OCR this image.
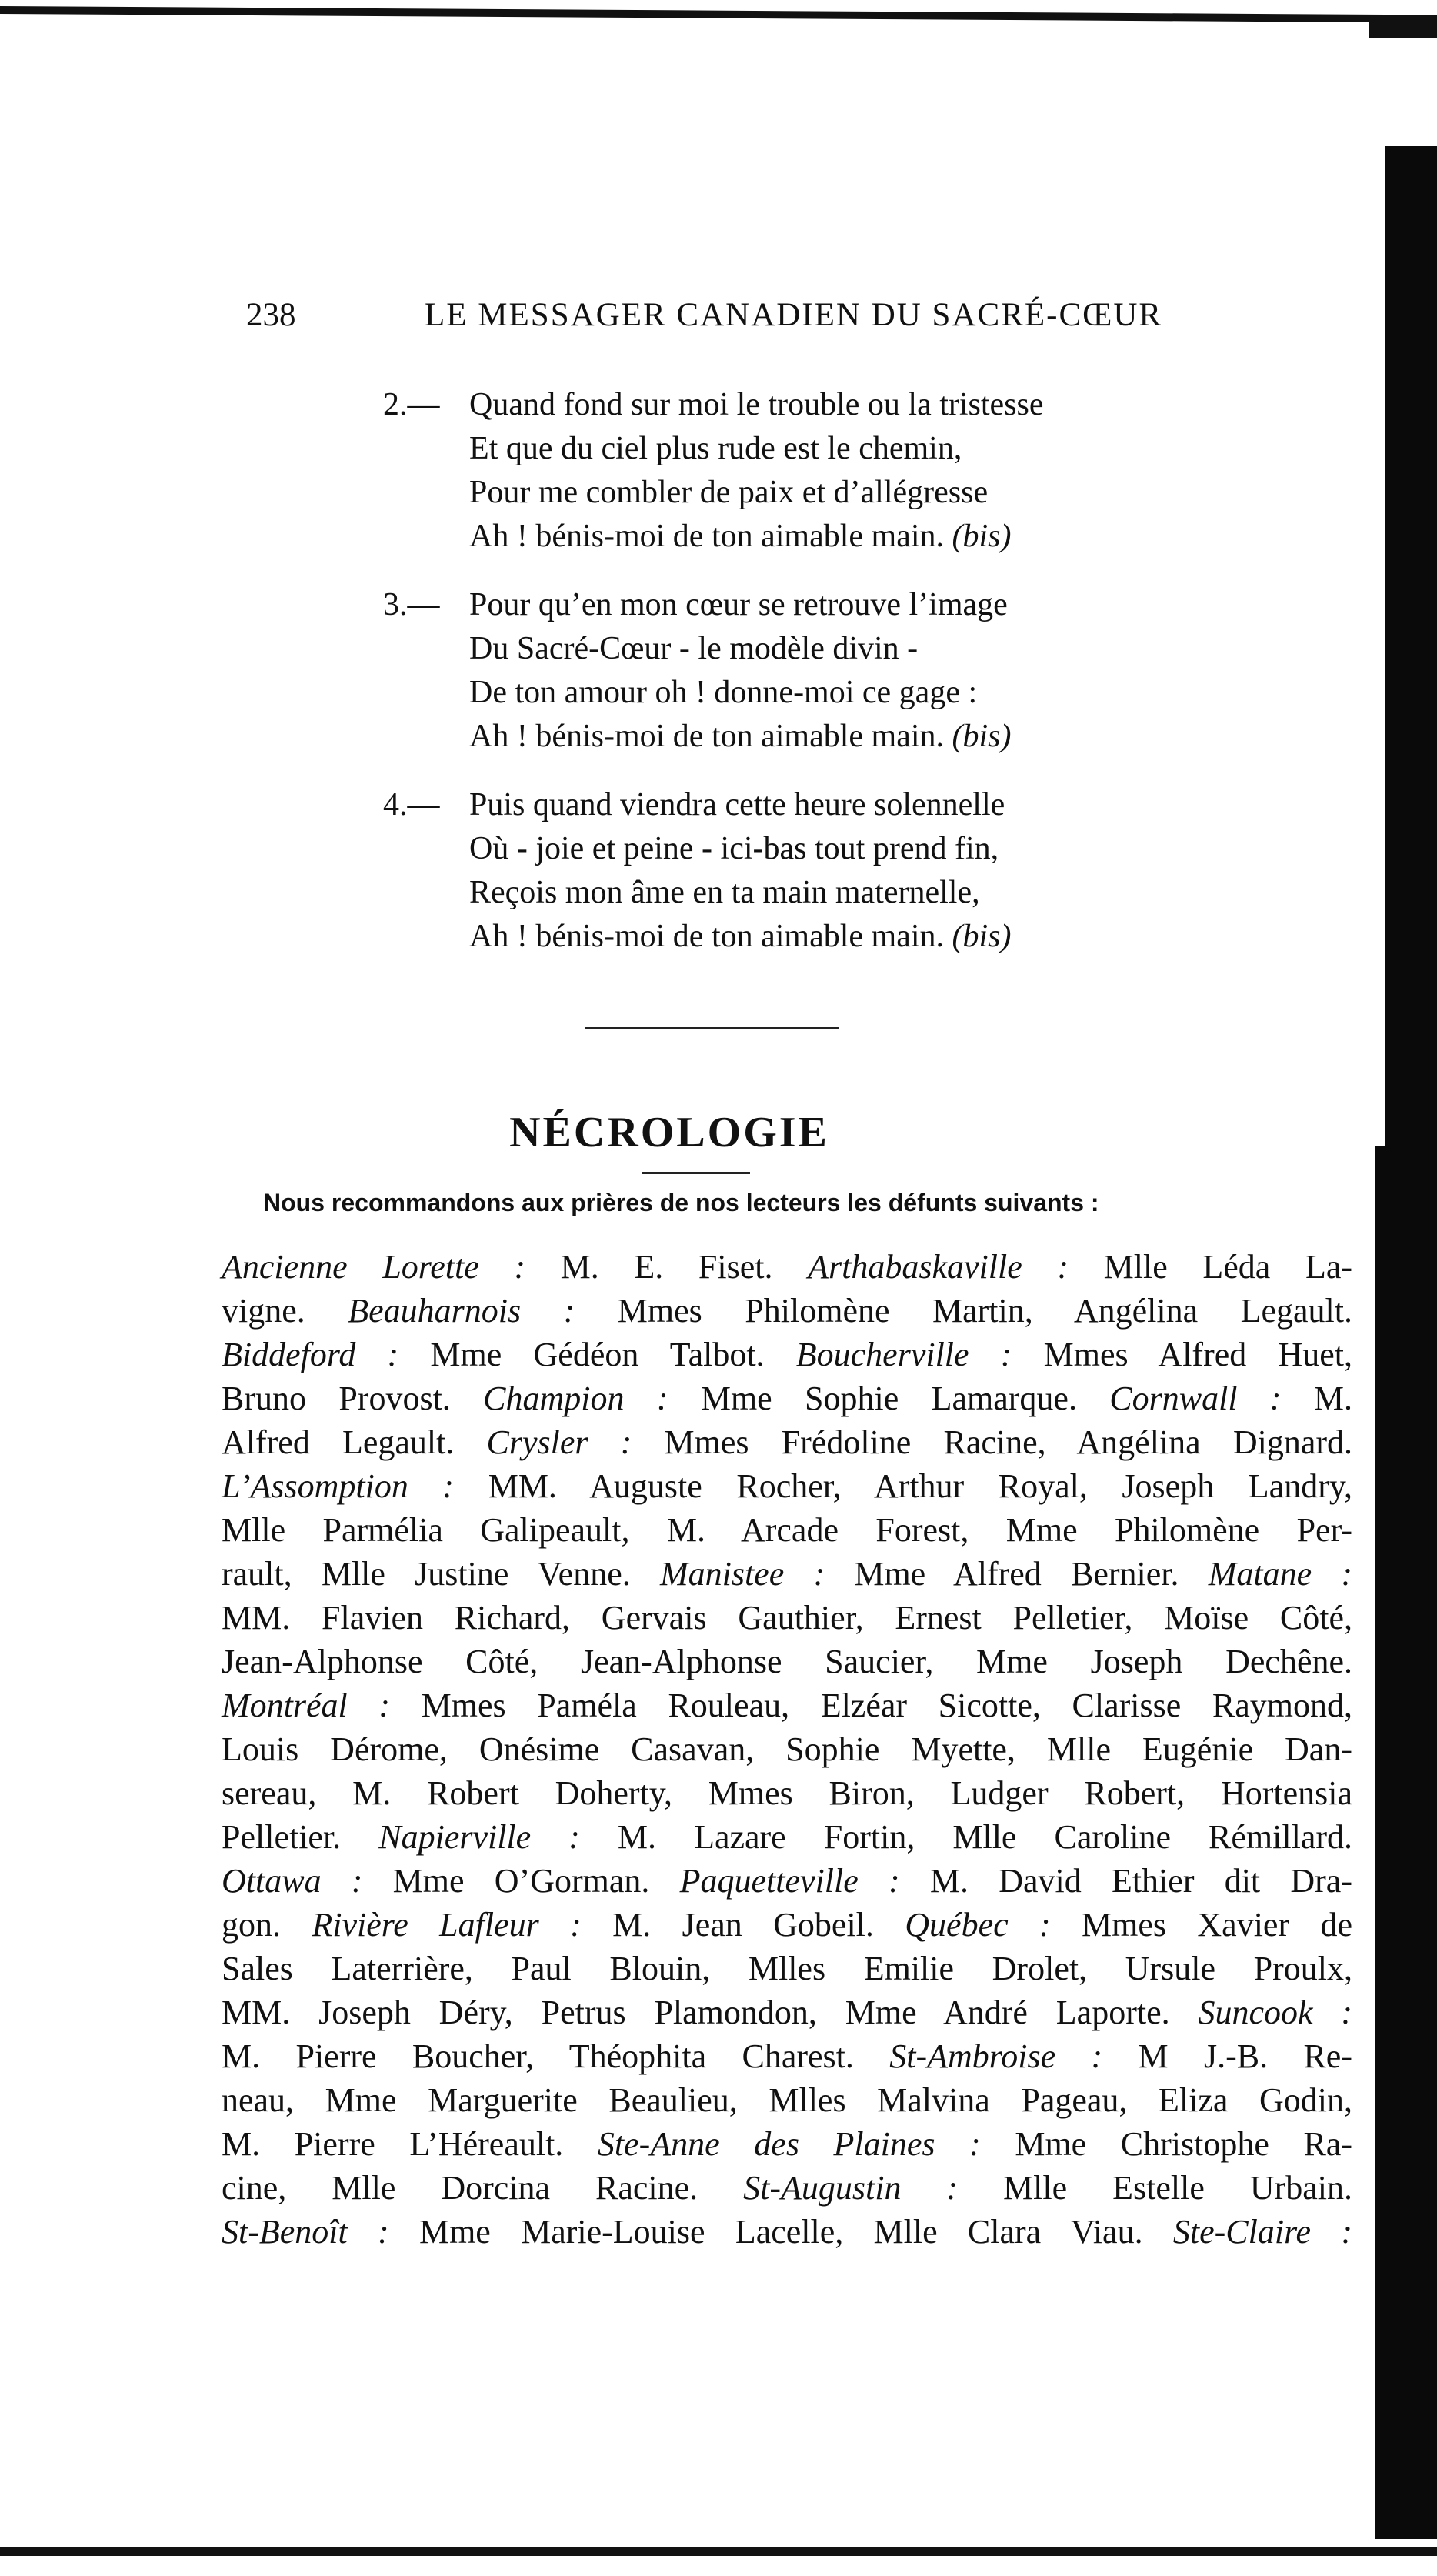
238	LE MESSAGER CANADIEN DU SACRÉ-CŒUR
2.— Quand fond sur moi le trouble ou la tristesse
Et que du ciel plus rude est le chemin,
Pour me combler de paix et d’allégresse
Ah ! bénis-moi de ton aimable main. (bis)
3.— Pour qu’en mon cœur se retrouve l’image
Du Sacré-Cœur - le modèle divin -
De ton amour oh ! donne-moi ce gage :
Ah ! bénis-moi de ton aimable main. (bis)
4.— Puis quand viendra cette heure solennelle
Où - joie et peine - ici-bas tout prend fin,
Reçois mon âme en ta main maternelle,
Ah ! bénis-moi de ton aimable main. (bis)
NÉCROLOGIE
Nous recommandons aux prières de nos lecteurs les défunts suivants :
Ancienne Lorette : M. E. Fiset. Arthabaskaville : Mlle Léda La-
vigne. Beauharnois : Mmes Philomène Martin, Angélina Legault.
Biddeford : Mme Gédéon Talbot. Boucherville : Mmes Alfred Huet,
Bruno Provost. Champion : Mme Sophie Lamarque. Cornwall : M.
Alfred Legault. Crysler : Mmes Frédoline Racine, Angélina Dignard.
L’Assomption : MM. Auguste Rocher, Arthur Royal, Joseph Landry,
Mlle Parmélia Galipeault, M. Arcade Forest, Mme Philomène Per-
rault, Mlle Justine Venne. Manistee : Mme Alfred Bernier. Matane :
MM. Flavien Richard, Gervais Gauthier, Ernest Pelletier, Moïse Côté,
Jean-Alphonse Côté, Jean-Alphonse Saucier, Mme Joseph Dechêne.
Montréal : Mmes Paméla Rouleau, Elzéar Sicotte, Clarisse Raymond,
Louis Dérome, Onésime Casavan, Sophie Myette, Mlle Eugénie Dan-
sereau, M. Robert Doherty, Mmes Biron, Ludger Robert, Hortensia
Pelletier. Napierville : M. Lazare Fortin, Mlle Caroline Rémillard.
Ottawa : Mme O’Gorman. Paquetteville : M. David Ethier dit Dra-
gon. Rivière Lafleur : M. Jean Gobeil. Québec : Mmes Xavier de
Sales Laterrière, Paul Blouin, Mlles Emilie Drolet, Ursule Proulx,
MM. Joseph Déry, Petrus Plamondon, Mme André Laporte. Suncook :
M. Pierre Boucher, Théophita Charest. St-Ambroise : M J.-B. Re-
neau, Mme Marguerite Beaulieu, Mlles Malvina Pageau, Eliza Godin,
M. Pierre L’Héreault. Ste-Anne des Plaines : Mme Christophe Ra-
cine, Mlle Dorcina Racine. St-Augustin : Mlle Estelle Urbain.
St-Benoît : Mme Marie-Louise Lacelle, Mlle Clara Viau. Ste-Claire :
